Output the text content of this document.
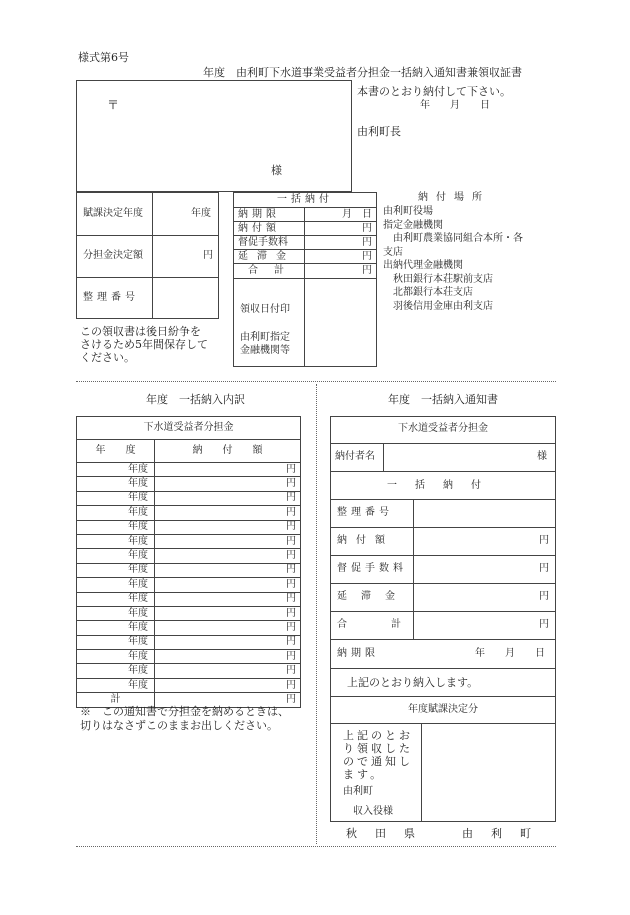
様式第6号
年度　由利町下水道事業受益者分担金一括納入通知書兼領収証書
〒
様
本書のとおり納付して下さい。
年　　月　　日
由利町長
賦課決定年度	年度
分担金決定額	円
整理番号
この領収書は後日紛争を
さけるため5年間保存して
ください。
一括納付
納期限	月　日
納付額	円
督促手数料	円
延滞金	円
合計	円
領収日付印
由利町指定
金融機関等
納付場所
由利町役場
指定金融機関
　由利町農業協同組合本所・各
支店
出納代理金融機関
　秋田銀行本荘駅前支店
　北都銀行本荘支店
　羽後信用金庫由利支店
年度　一括納入内訳
下水道受益者分担金	
年　　度	納　　付　　額
年度	円
年度	円
年度	円
年度	円
年度	円
年度	円
年度	円
年度	円
年度	円
年度	円
年度	円
年度	円
年度	円
年度	円
年度	円
年度	円
計	円
※　この通知書で分担金を納めるときは、
切りはなさずこのままお出しください。
年度　一括納入通知書
下水道受益者分担金
納付者名	様
一括納付
整理番号
納付額	円
督促手数料	円
延滞金	円
合計	円
納期限	年　　月　　日
上記のとおり納入します。
年度賦課決定分
上記のとお
り領収した
ので通知し
ます。
由利町
収入役様
秋田県　由利町
